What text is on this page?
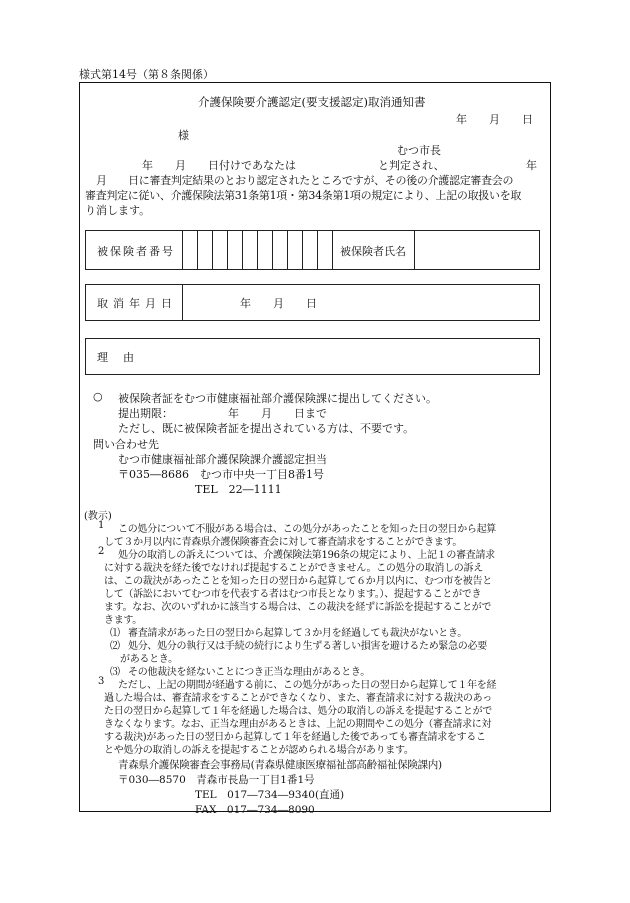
様式第14号（第８条関係）
介護保険要介護認定(要支援認定)取消通知書
年　　月　　日
様
むつ市長
年　　月　　日付けであなたは	と判定され、	年
月　　日に審査判定結果のとおり認定されたところですが、その後の介護認定審査会の
審査判定に従い、介護保険法第31条第1項・第34条第1項の規定により、上記の取扱いを取
り消します。
被保険者番号	被保険者氏名
取消年月日	年　　月　　日
理　由
○ 被保険者証をむつ市健康福祉部介護保険課に提出してください。
提出期限：	年　　月　　日まで
ただし、既に被保険者証を提出されている方は、不要です。
問い合わせ先
むつ市健康福祉部介護保険課介護認定担当
〒035―8686　むつ市中央一丁目8番1号
TEL　22―1111
(教示)
1 この処分について不服がある場合は、この処分があったことを知った日の翌日から起算
して３か月以内に青森県介護保険審査会に対して審査請求をすることができます。
2 処分の取消しの訴えについては、介護保険法第196条の規定により、上記１の審査請求
に対する裁決を経た後でなければ提起することができません。この処分の取消しの訴え
は、この裁決があったことを知った日の翌日から起算して６か月以内に、むつ市を被告と
して（訴訟においてむつ市を代表する者はむつ市長となります。）、提起することができ
ます。なお、次のいずれかに該当する場合は、この裁決を経ずに訴訟を提起することがで
きます。
⑴ 審査請求があった日の翌日から起算して３か月を経過しても裁決がないとき。
⑵ 処分、処分の執行又は手続の続行により生ずる著しい損害を避けるため緊急の必要
があるとき。
⑶ その他裁決を経ないことにつき正当な理由があるとき。
3 ただし、上記の期間が経過する前に、この処分があった日の翌日から起算して１年を経
過した場合は、審査請求をすることができなくなり、また、審査請求に対する裁決のあっ
た日の翌日から起算して１年を経過した場合は、処分の取消しの訴えを提起することがで
きなくなります。なお、正当な理由があるときは、上記の期間やこの処分（審査請求に対
する裁決)があった日の翌日から起算して１年を経過した後であっても審査請求をするこ
とや処分の取消しの訴えを提起することが認められる場合があります。
青森県介護保険審査会事務局(青森県健康医療福祉部高齢福祉保険課内)
〒030―8570　青森市長島一丁目1番1号
TEL　017―734―9340(直通)
FAX　017―734―8090
